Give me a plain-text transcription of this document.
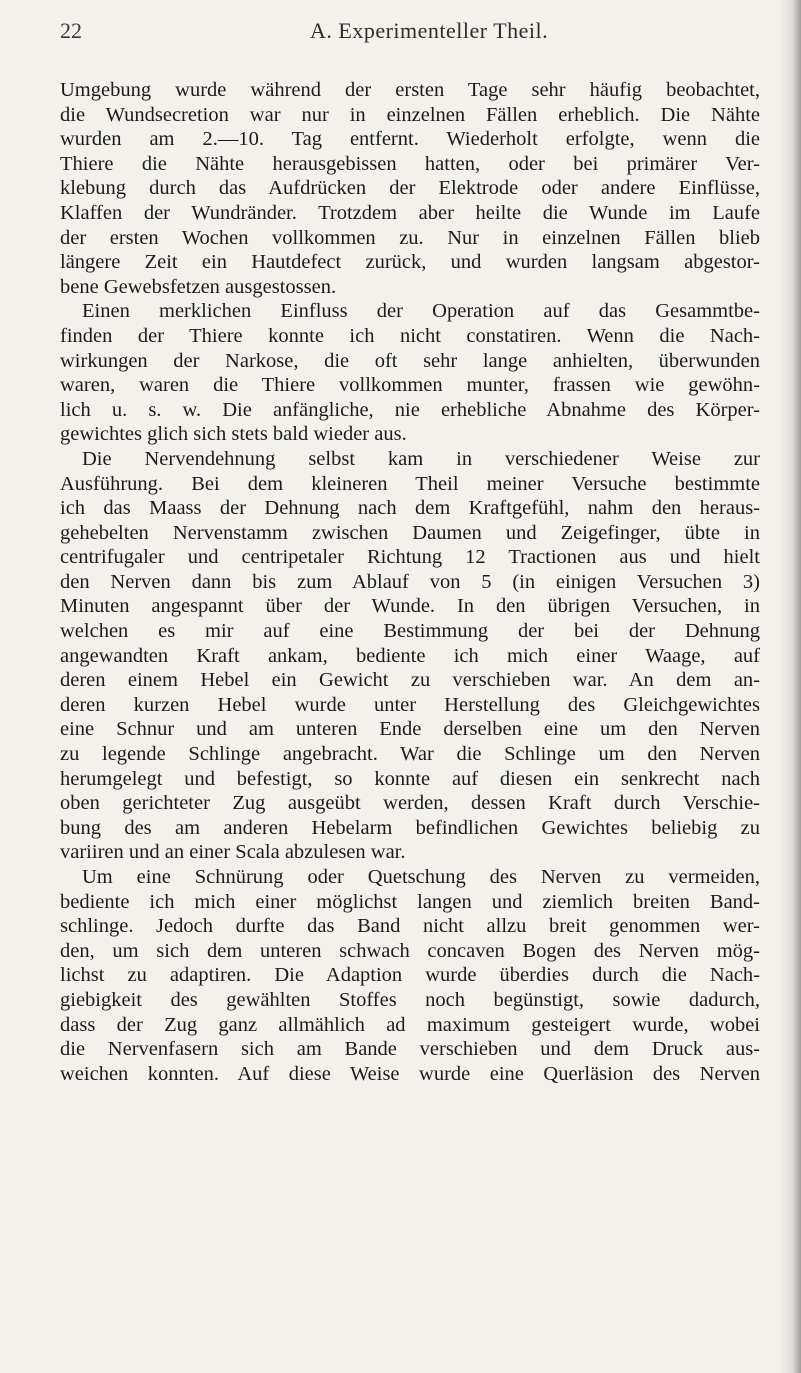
22	A. Experimenteller Theil.
Umgebung wurde während der ersten Tage sehr häufig beobachtet,
die Wundsecretion war nur in einzelnen Fällen erheblich. Die Nähte
wurden am 2.—10. Tag entfernt. Wiederholt erfolgte, wenn die
Thiere die Nähte herausgebissen hatten, oder bei primärer Ver-
klebung durch das Aufdrücken der Elektrode oder andere Einflüsse,
Klaffen der Wundränder. Trotzdem aber heilte die Wunde im Laufe
der ersten Wochen vollkommen zu. Nur in einzelnen Fällen blieb
längere Zeit ein Hautdefect zurück, und wurden langsam abgestor-
bene Gewebsfetzen ausgestossen.
Einen merklichen Einfluss der Operation auf das Gesammtbe-
finden der Thiere konnte ich nicht constatiren. Wenn die Nach-
wirkungen der Narkose, die oft sehr lange anhielten, überwunden
waren, waren die Thiere vollkommen munter, frassen wie gewöhn-
lich u. s. w. Die anfängliche, nie erhebliche Abnahme des Körper-
gewichtes glich sich stets bald wieder aus.
Die Nervendehnung selbst kam in verschiedener Weise zur
Ausführung. Bei dem kleineren Theil meiner Versuche bestimmte
ich das Maass der Dehnung nach dem Kraftgefühl, nahm den heraus-
gehebelten Nervenstamm zwischen Daumen und Zeigefinger, übte in
centrifugaler und centripetaler Richtung 12 Tractionen aus und hielt
den Nerven dann bis zum Ablauf von 5 (in einigen Versuchen 3)
Minuten angespannt über der Wunde. In den übrigen Versuchen, in
welchen es mir auf eine Bestimmung der bei der Dehnung
angewandten Kraft ankam, bediente ich mich einer Waage, auf
deren einem Hebel ein Gewicht zu verschieben war. An dem an-
deren kurzen Hebel wurde unter Herstellung des Gleichgewichtes
eine Schnur und am unteren Ende derselben eine um den Nerven
zu legende Schlinge angebracht. War die Schlinge um den Nerven
herumgelegt und befestigt, so konnte auf diesen ein senkrecht nach
oben gerichteter Zug ausgeübt werden, dessen Kraft durch Verschie-
bung des am anderen Hebelarm befindlichen Gewichtes beliebig zu
variiren und an einer Scala abzulesen war.
Um eine Schnürung oder Quetschung des Nerven zu vermeiden,
bediente ich mich einer möglichst langen und ziemlich breiten Band-
schlinge. Jedoch durfte das Band nicht allzu breit genommen wer-
den, um sich dem unteren schwach concaven Bogen des Nerven mög-
lichst zu adaptiren. Die Adaption wurde überdies durch die Nach-
giebigkeit des gewählten Stoffes noch begünstigt, sowie dadurch,
dass der Zug ganz allmählich ad maximum gesteigert wurde, wobei
die Nervenfasern sich am Bande verschieben und dem Druck aus-
weichen konnten. Auf diese Weise wurde eine Querläsion des Nerven
